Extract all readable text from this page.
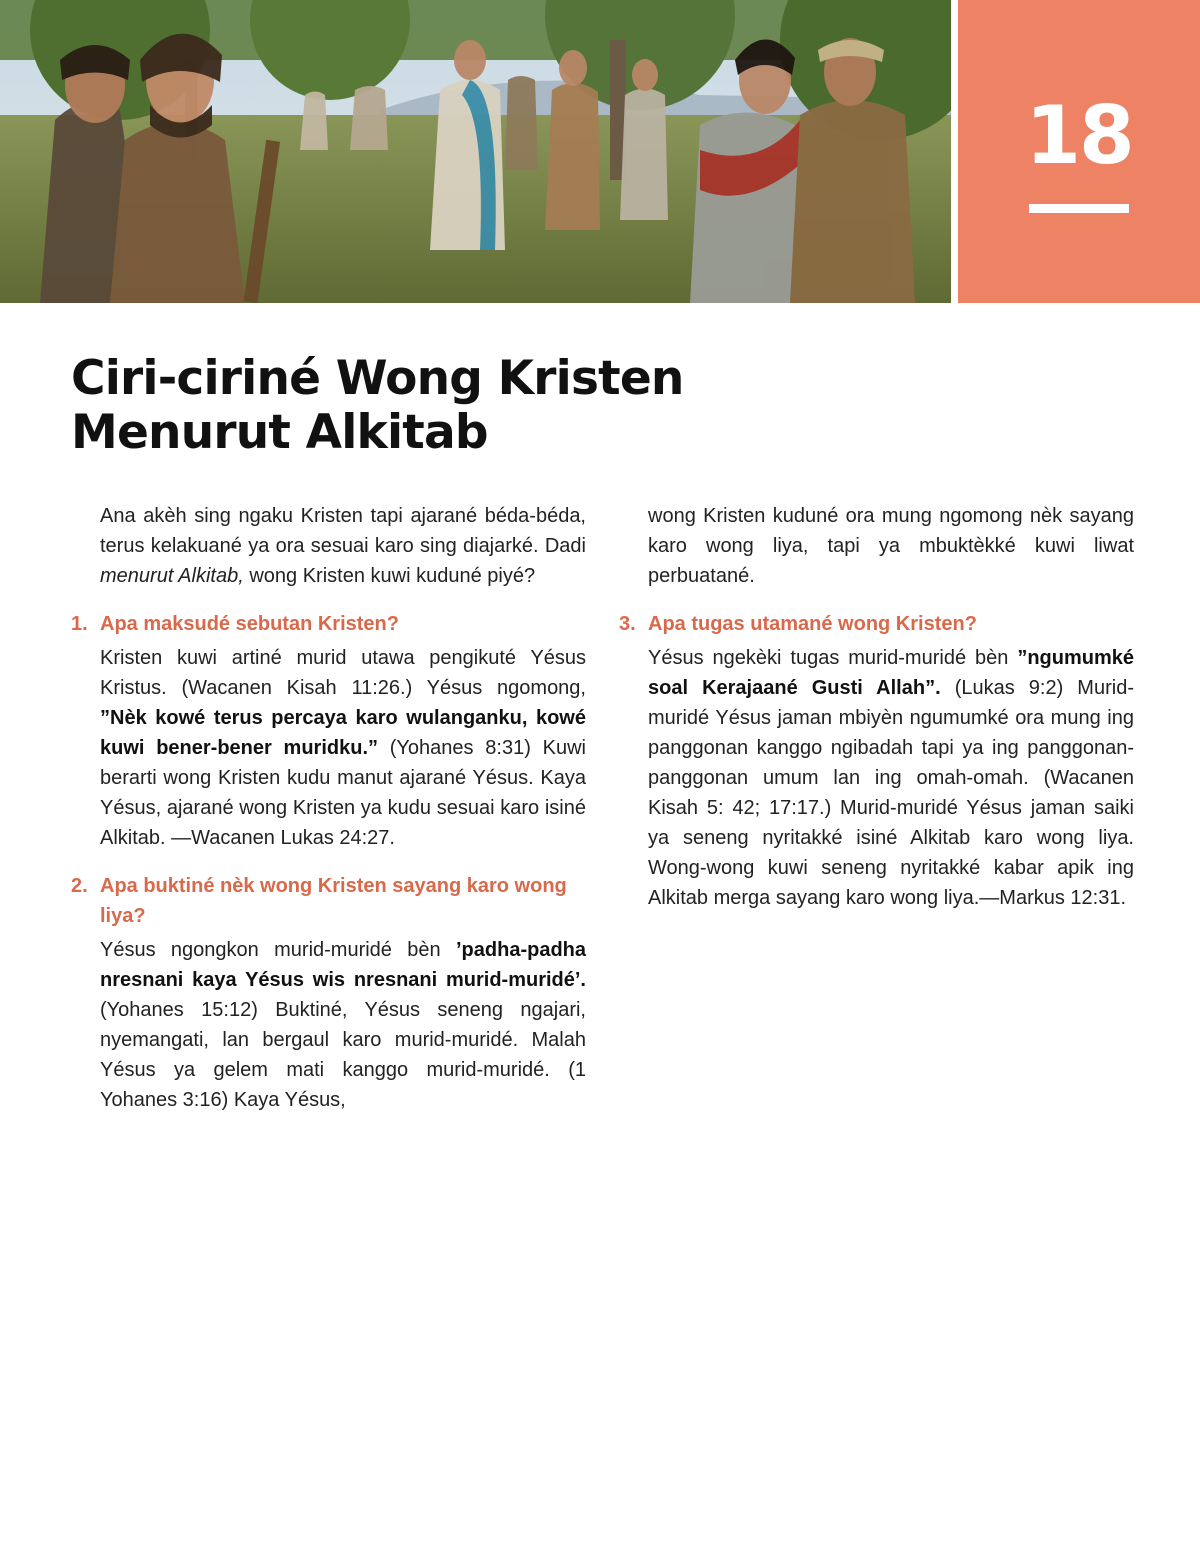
18
Ciri-ciriné Wong Kristen
Menurut Alkitab

Ana akèh sing ngaku Kristen tapi ajarané béda-béda, terus kelakuané ya ora sesuai karo sing diajarké. Dadi menurut Alkitab, wong Kristen kuwi kuduné piyé?

1. Apa maksudé sebutan Kristen?

Kristen kuwi artiné murid utawa pengikuté Yésus Kristus. (Wacanen Kisah 11:26.) Yésus ngomong, ”Nèk kowé terus percaya karo wulanganku, kowé kuwi bener-bener muridku.” (Yohanes 8:31) Kuwi berarti wong Kristen kudu manut ajarané Yésus. Kaya Yésus, ajarané wong Kristen ya kudu sesuai karo isiné Alkitab. —Wacanen Lukas 24:27.

2. Apa buktiné nèk wong Kristen sayang karo wong liya?

Yésus ngongkon murid-muridé bèn ’padha-padha nresnani kaya Yésus wis nresnani murid-muridé’. (Yohanes 15:12) Buktiné, Yésus seneng ngajari, nyemangati, lan bergaul karo murid-muridé. Malah Yésus ya gelem mati kanggo murid-muridé. (1 Yohanes 3:16) Kaya Yésus,

wong Kristen kuduné ora mung ngomong nèk sayang karo wong liya, tapi ya mbuktèkké kuwi liwat perbuatané.

3. Apa tugas utamané wong Kristen?

Yésus ngekèki tugas murid-muridé bèn ”ngumumké soal Kerajaané Gusti Allah”. (Lukas 9:2) Murid-muridé Yésus jaman mbiyèn ngumumké ora mung ing panggonan kanggo ngibadah tapi ya ing panggonan-panggonan umum lan ing omah-omah. (Wacanen Kisah 5: 42; 17:17.) Murid-muridé Yésus jaman saiki ya seneng nyritakké isiné Alkitab karo wong liya. Wong-wong kuwi seneng nyritakké kabar apik ing Alkitab merga sayang karo wong liya.—Markus 12:31.
